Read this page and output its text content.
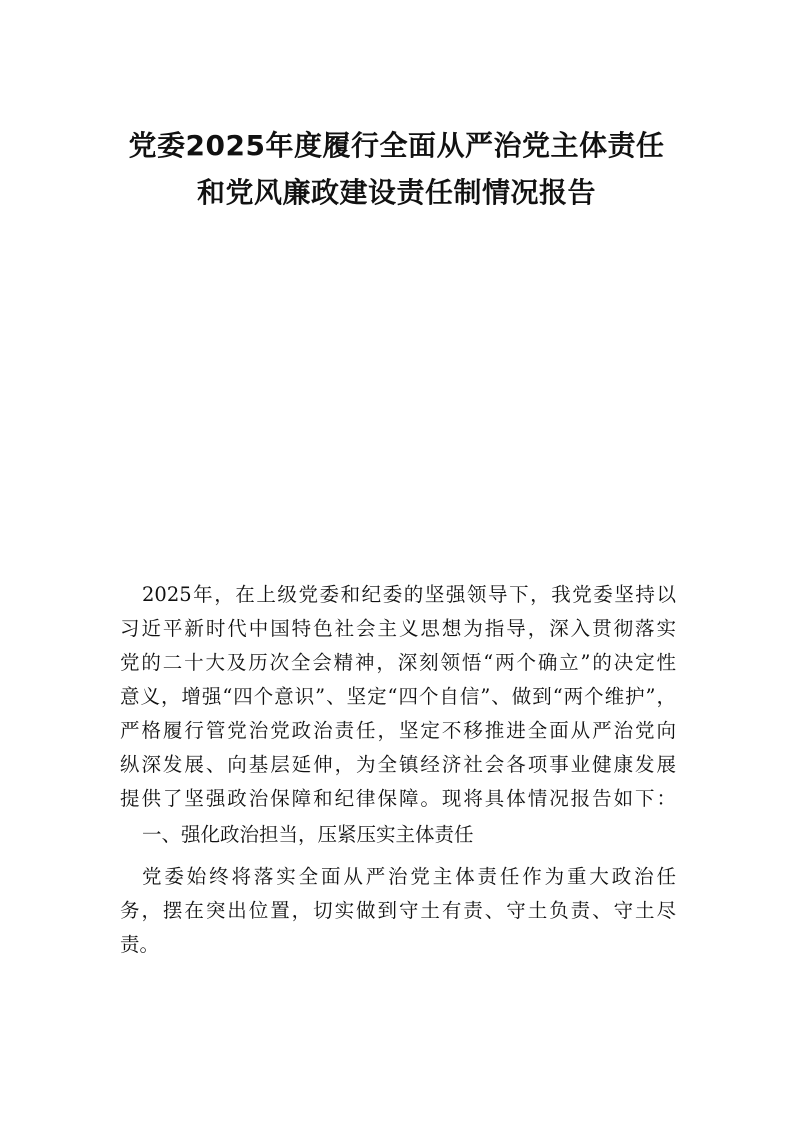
党委2025年度履行全面从严治党主体责任
和党风廉政建设责任制情况报告
2025年，在上级党委和纪委的坚强领导下，我党委坚持以
习近平新时代中国特色社会主义思想为指导，深入贯彻落实
党的二十大及历次全会精神，深刻领悟“两个确立”的决定性
意义，增强“四个意识”、坚定“四个自信”、做到“两个维护”，
严格履行管党治党政治责任，坚定不移推进全面从严治党向
纵深发展、向基层延伸，为全镇经济社会各项事业健康发展
提供了坚强政治保障和纪律保障。现将具体情况报告如下：
一、强化政治担当，压紧压实主体责任
党委始终将落实全面从严治党主体责任作为重大政治任
务，摆在突出位置，切实做到守土有责、守土负责、守土尽
责。
